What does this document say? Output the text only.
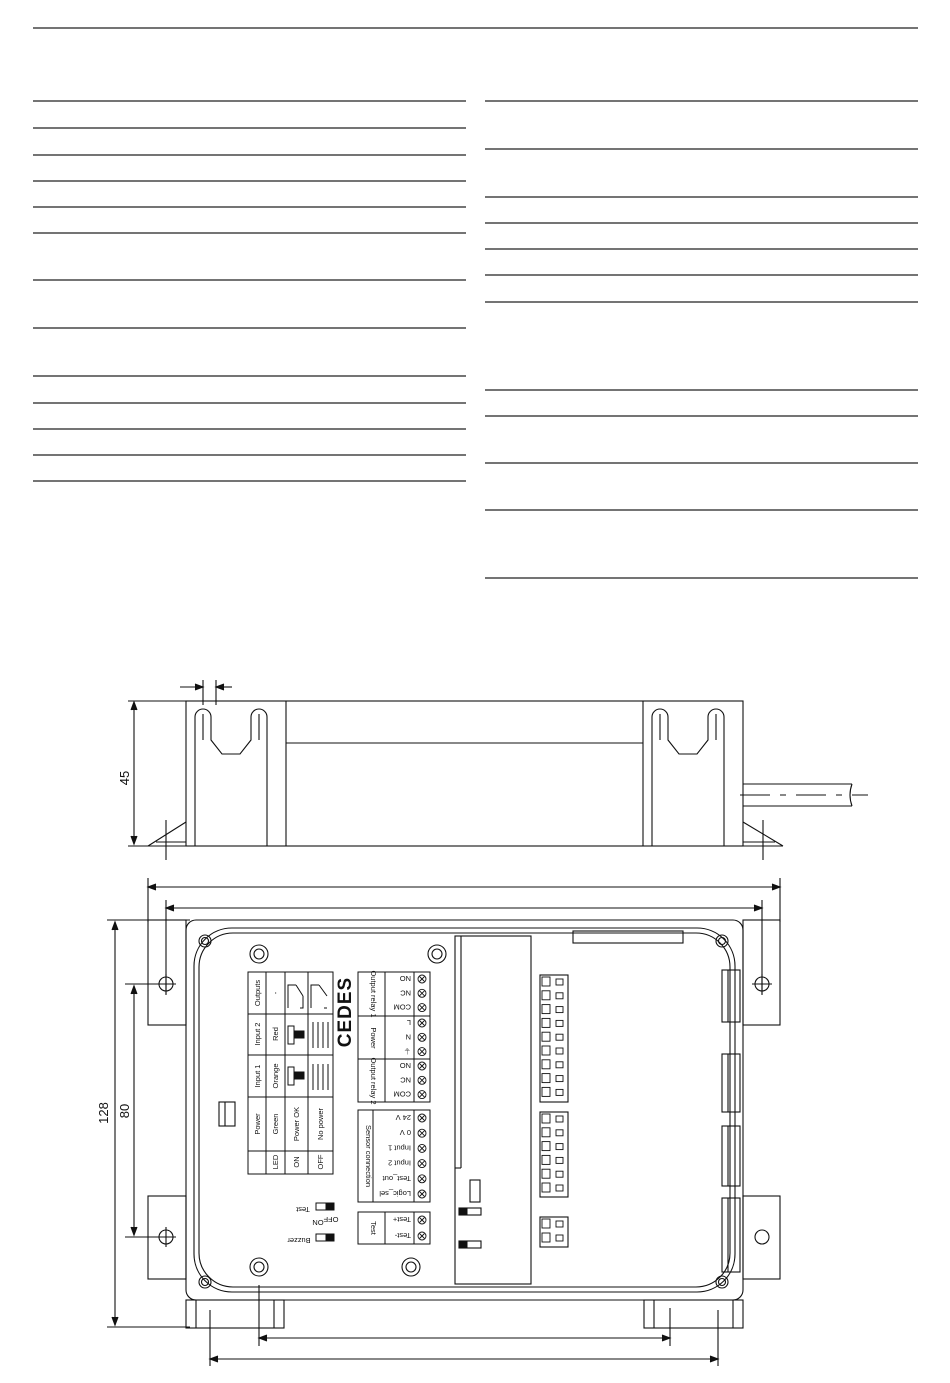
45
128 80
Outputs -
Input 2 Red
Input 1 Orange
Power Green Power OK No power
LED ON OFF
CEDES Output relay 1
Power
Output relay 2
Sensor connection
Test
NO
NC
COM
L
N
⏚
NO
NC
COM
24 V
0 V
Input 1
Input 2
Test_out
Logic_sel
Test+
Test-
Test
Buzzer
ON OFF
